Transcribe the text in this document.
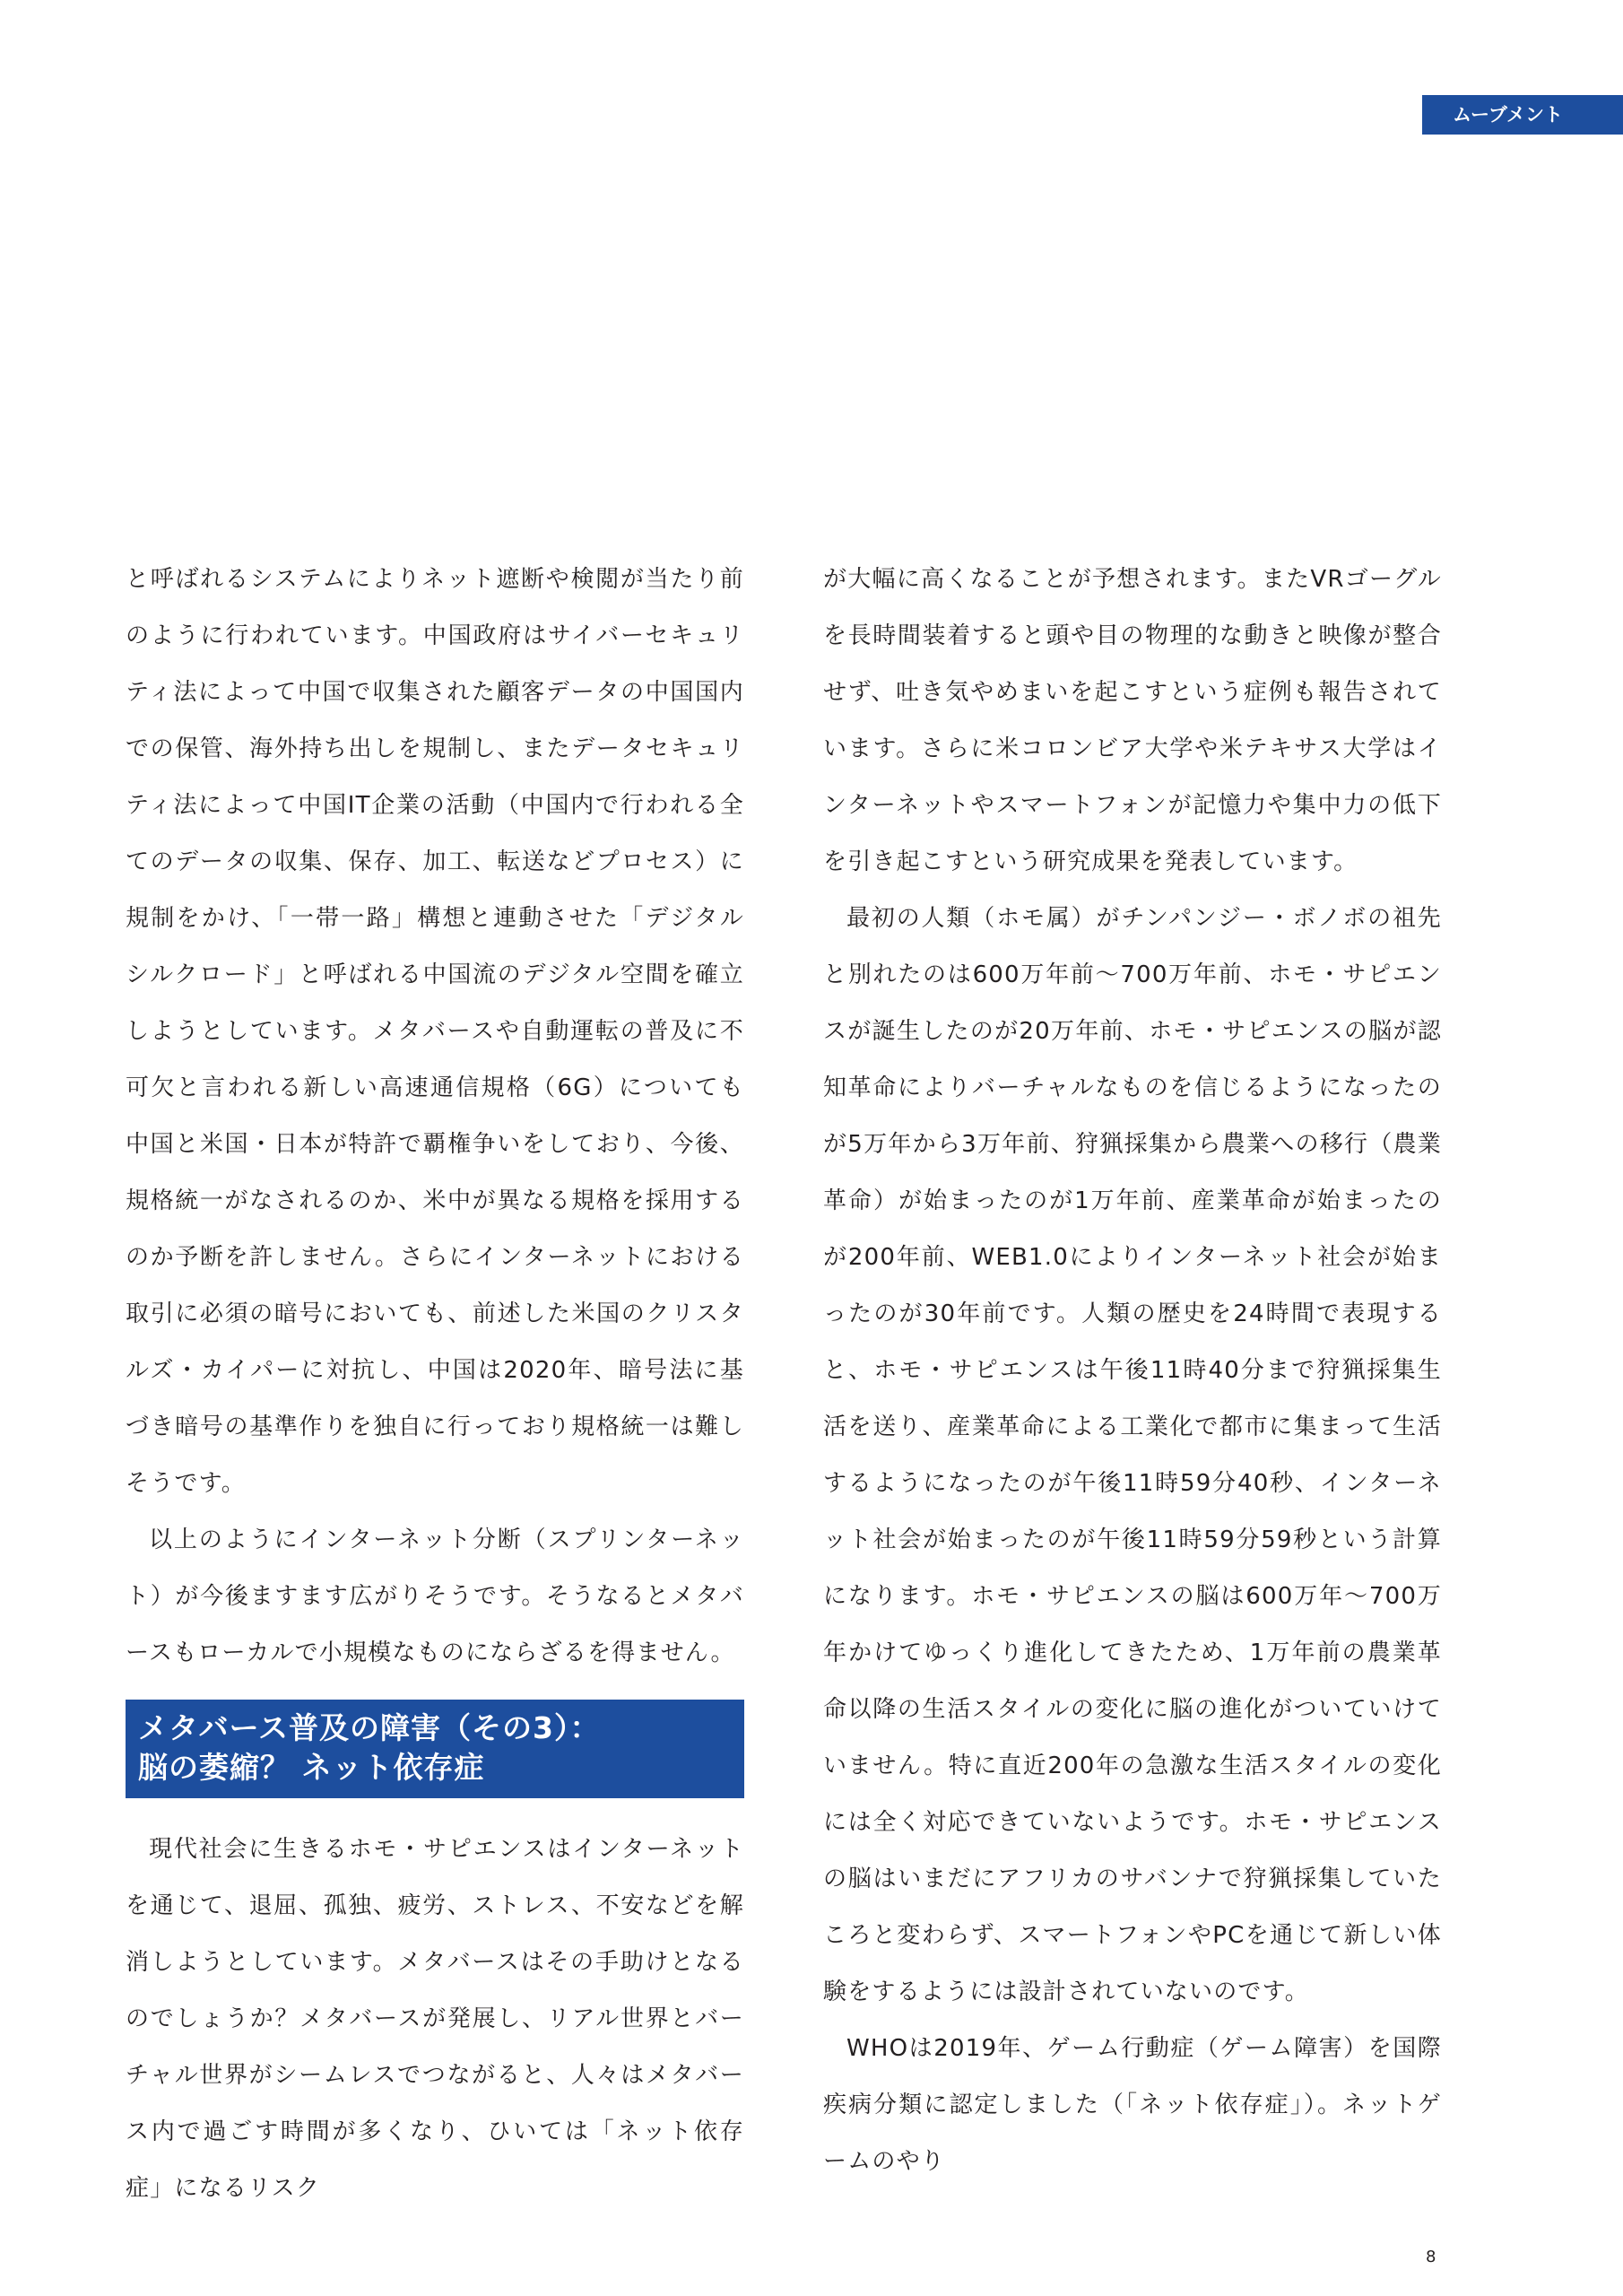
ムーブメント

と呼ばれるシステムによりネット遮断や検閲が当たり前のように行われています。中国政府はサイバーセキュリティ法によって中国で収集された顧客データの中国国内での保管、海外持ち出しを規制し、またデータセキュリティ法によって中国IT企業の活動（中国内で行われる全てのデータの収集、保存、加工、転送などプロセス）に規制をかけ、「一帯一路」構想と連動させた「デジタルシルクロード」と呼ばれる中国流のデジタル空間を確立しようとしています。メタバースや自動運転の普及に不可欠と言われる新しい高速通信規格（6G）についても中国と米国・日本が特許で覇権争いをしており、今後、規格統一がなされるのか、米中が異なる規格を採用するのか予断を許しません。さらにインターネットにおける取引に必須の暗号においても、前述した米国のクリスタルズ・カイパーに対抗し、中国は2020年、暗号法に基づき暗号の基準作りを独自に行っており規格統一は難しそうです。

以上のようにインターネット分断（スプリンターネット）が今後ますます広がりそうです。そうなるとメタバースもローカルで小規模なものにならざるを得ません。

メタバース普及の障害（その3）：
脳の萎縮？ ネット依存症

現代社会に生きるホモ・サピエンスはインターネットを通じて、退屈、孤独、疲労、ストレス、不安などを解消しようとしています。メタバースはその手助けとなるのでしょうか？メタバースが発展し、リアル世界とバーチャル世界がシームレスでつながると、人々はメタバース内で過ごす時間が多くなり、ひいては「ネット依存症」になるリスク

が大幅に高くなることが予想されます。またVRゴーグルを長時間装着すると頭や目の物理的な動きと映像が整合せず、吐き気やめまいを起こすという症例も報告されています。さらに米コロンビア大学や米テキサス大学はインターネットやスマートフォンが記憶力や集中力の低下を引き起こすという研究成果を発表しています。

最初の人類（ホモ属）がチンパンジー・ボノボの祖先と別れたのは600万年前〜700万年前、ホモ・サピエンスが誕生したのが20万年前、ホモ・サピエンスの脳が認知革命によりバーチャルなものを信じるようになったのが5万年から3万年前、狩猟採集から農業への移行（農業革命）が始まったのが1万年前、産業革命が始まったのが200年前、WEB1.0によりインターネット社会が始まったのが30年前です。人類の歴史を24時間で表現すると、ホモ・サピエンスは午後11時40分まで狩猟採集生活を送り、産業革命による工業化で都市に集まって生活するようになったのが午後11時59分40秒、インターネット社会が始まったのが午後11時59分59秒という計算になります。ホモ・サピエンスの脳は600万年〜700万年かけてゆっくり進化してきたため、1万年前の農業革命以降の生活スタイルの変化に脳の進化がついていけていません。特に直近200年の急激な生活スタイルの変化には全く対応できていないようです。ホモ・サピエンスの脳はいまだにアフリカのサバンナで狩猟採集していたころと変わらず、スマートフォンやPCを通じて新しい体験をするようには設計されていないのです。

WHOは2019年、ゲーム行動症（ゲーム障害）を国際疾病分類に認定しました（「ネット依存症」）。ネットゲームのやり

8
